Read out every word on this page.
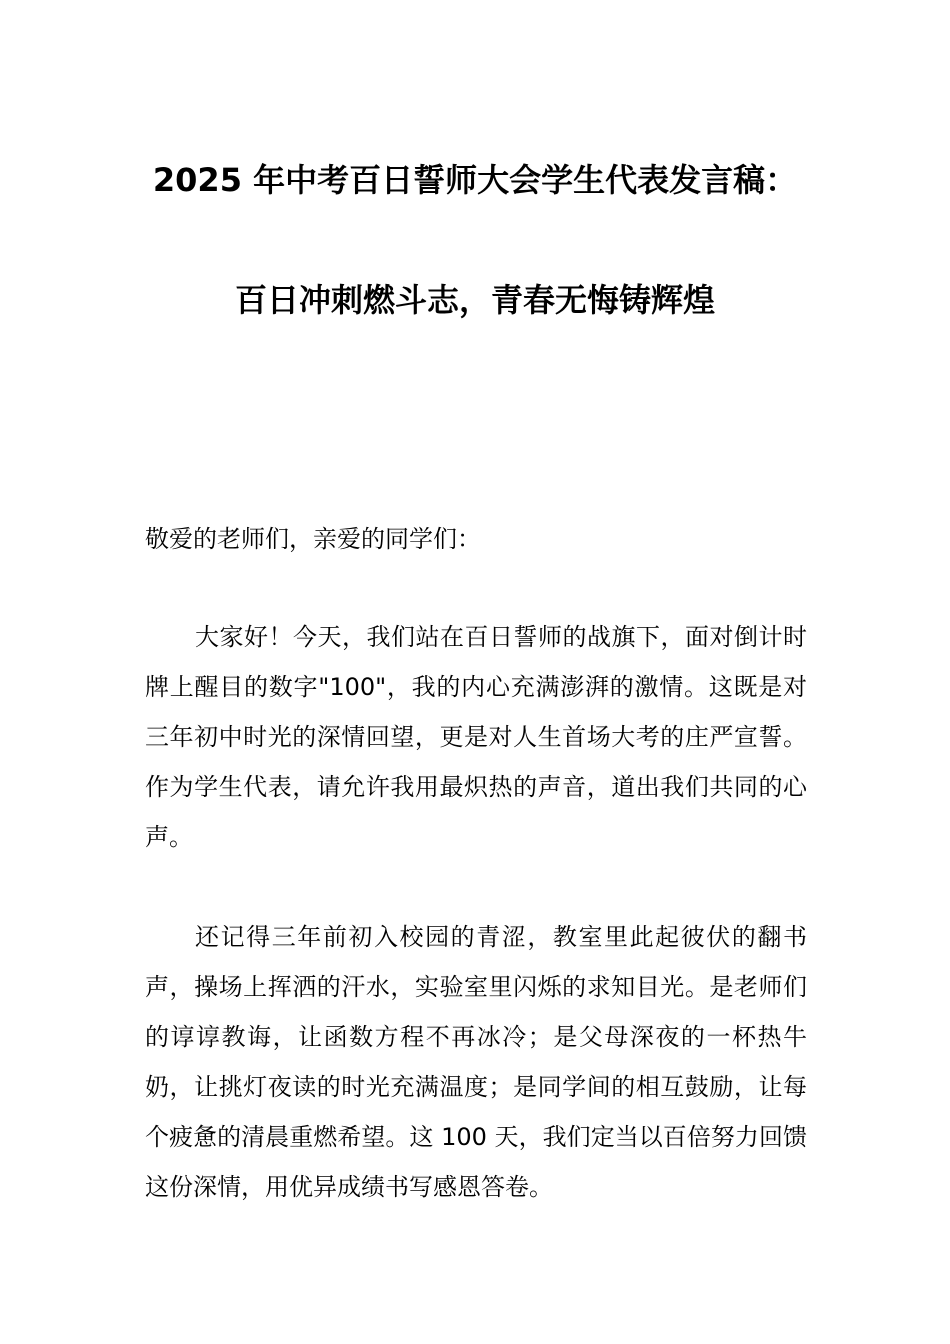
2025 年中考百日誓师大会学生代表发言稿：
百日冲刺燃斗志，青春无悔铸辉煌
敬爱的老师们，亲爱的同学们：
大家好！今天，我们站在百日誓师的战旗下，面对倒计时牌上醒目的数字"100"，我的内心充满澎湃的激情。这既是对三年初中时光的深情回望，更是对人生首场大考的庄严宣誓。作为学生代表，请允许我用最炽热的声音，道出我们共同的心声。
还记得三年前初入校园的青涩，教室里此起彼伏的翻书声，操场上挥洒的汗水，实验室里闪烁的求知目光。是老师们的谆谆教诲，让函数方程不再冰冷；是父母深夜的一杯热牛奶，让挑灯夜读的时光充满温度；是同学间的相互鼓励，让每个疲惫的清晨重燃希望。这 100 天，我们定当以百倍努力回馈这份深情，用优异成绩书写感恩答卷。
